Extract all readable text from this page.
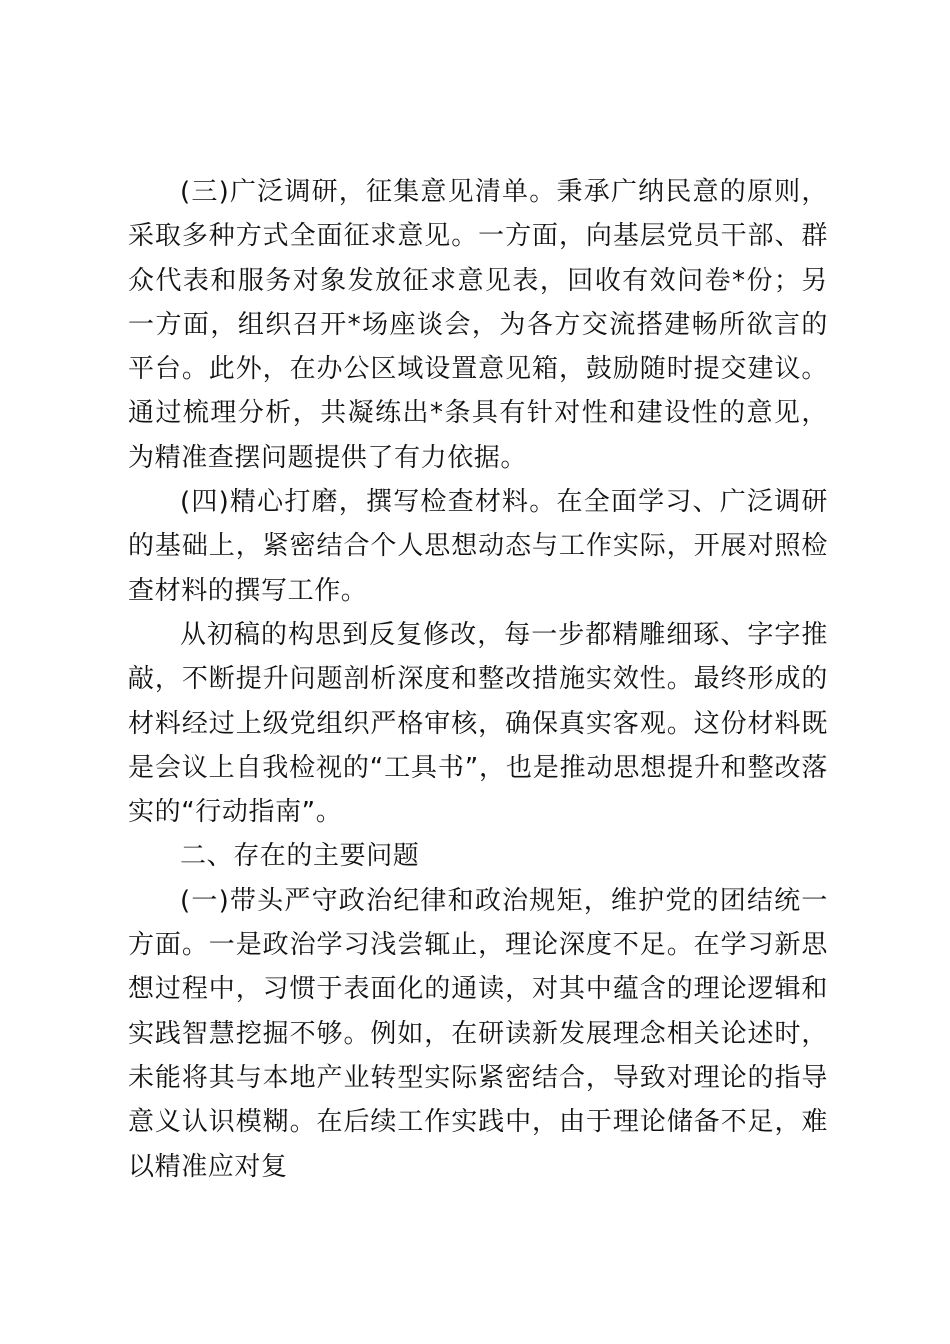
(三)广泛调研，征集意见清单。秉承广纳民意的原则，采取多种方式全面征求意见。一方面，向基层党员干部、群众代表和服务对象发放征求意见表，回收有效问卷*份；另一方面，组织召开*场座谈会，为各方交流搭建畅所欲言的平台。此外，在办公区域设置意见箱，鼓励随时提交建议。通过梳理分析，共凝练出*条具有针对性和建设性的意见，为精准查摆问题提供了有力依据。

(四)精心打磨，撰写检查材料。在全面学习、广泛调研的基础上，紧密结合个人思想动态与工作实际，开展对照检查材料的撰写工作。

从初稿的构思到反复修改，每一步都精雕细琢、字字推敲，不断提升问题剖析深度和整改措施实效性。最终形成的材料经过上级党组织严格审核，确保真实客观。这份材料既是会议上自我检视的“工具书”，也是推动思想提升和整改落实的“行动指南”。

二、存在的主要问题

(一)带头严守政治纪律和政治规矩，维护党的团结统一方面。一是政治学习浅尝辄止，理论深度不足。在学习新思想过程中，习惯于表面化的通读，对其中蕴含的理论逻辑和实践智慧挖掘不够。例如，在研读新发展理念相关论述时，未能将其与本地产业转型实际紧密结合，导致对理论的指导意义认识模糊。在后续工作实践中，由于理论储备不足，难以精准应对复
